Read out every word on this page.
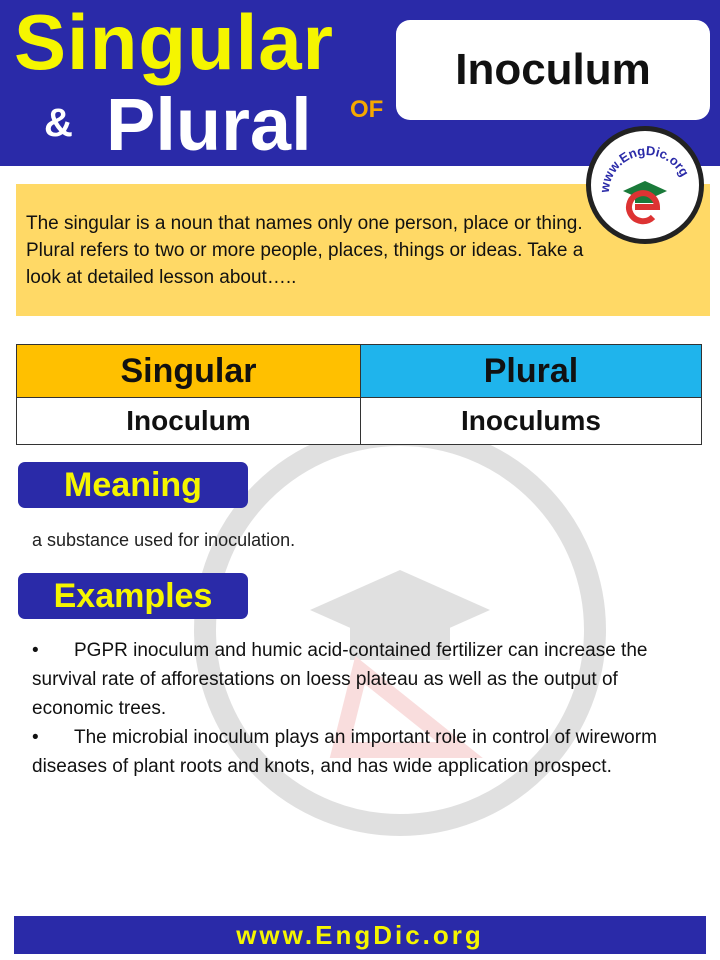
Singular
& Plural OF
Inoculum
www.EngDic.org
The singular is a noun that names only one person, place or thing. Plural refers to two or more people, places, things or ideas. Take a look at detailed lesson about…..
Singular	Plural
Inoculum	Inoculums
Meaning
a substance used for inoculation.
Examples

• PGPR inoculum and humic acid-contained fertilizer can increase the survival rate of afforestations on loess plateau as well as the output of economic trees.

• The microbial inoculum plays an important role in control of wireworm diseases of plant roots and knots, and has wide application prospect.

www.EngDic.org
